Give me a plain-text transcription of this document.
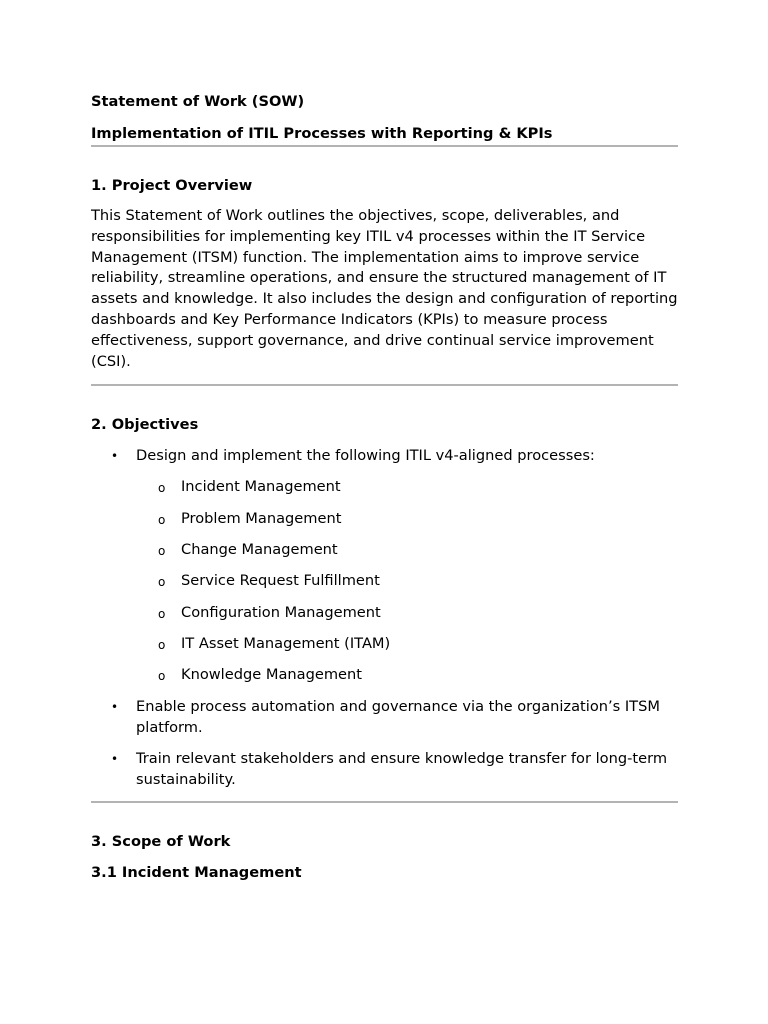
Statement of Work (SOW)
Implementation of ITIL Processes with Reporting & KPIs
1. Project Overview

This Statement of Work outlines the objectives, scope, deliverables, and responsibilities for implementing key ITIL v4 processes within the IT Service Management (ITSM) function. The implementation aims to improve service reliability, streamline operations, and ensure the structured management of IT assets and knowledge. It also includes the design and configuration of reporting dashboards and Key Performance Indicators (KPIs) to measure process effectiveness, support governance, and drive continual service improvement (CSI).

2. Objectives
• Design and implement the following ITIL v4-aligned processes:
o Incident Management
o Problem Management
o Change Management
o Service Request Fulfillment
o Configuration Management
o IT Asset Management (ITAM)
o Knowledge Management
• Enable process automation and governance via the organization’s ITSM platform.
• Train relevant stakeholders and ensure knowledge transfer for long-term sustainability.
3. Scope of Work
3.1 Incident Management
